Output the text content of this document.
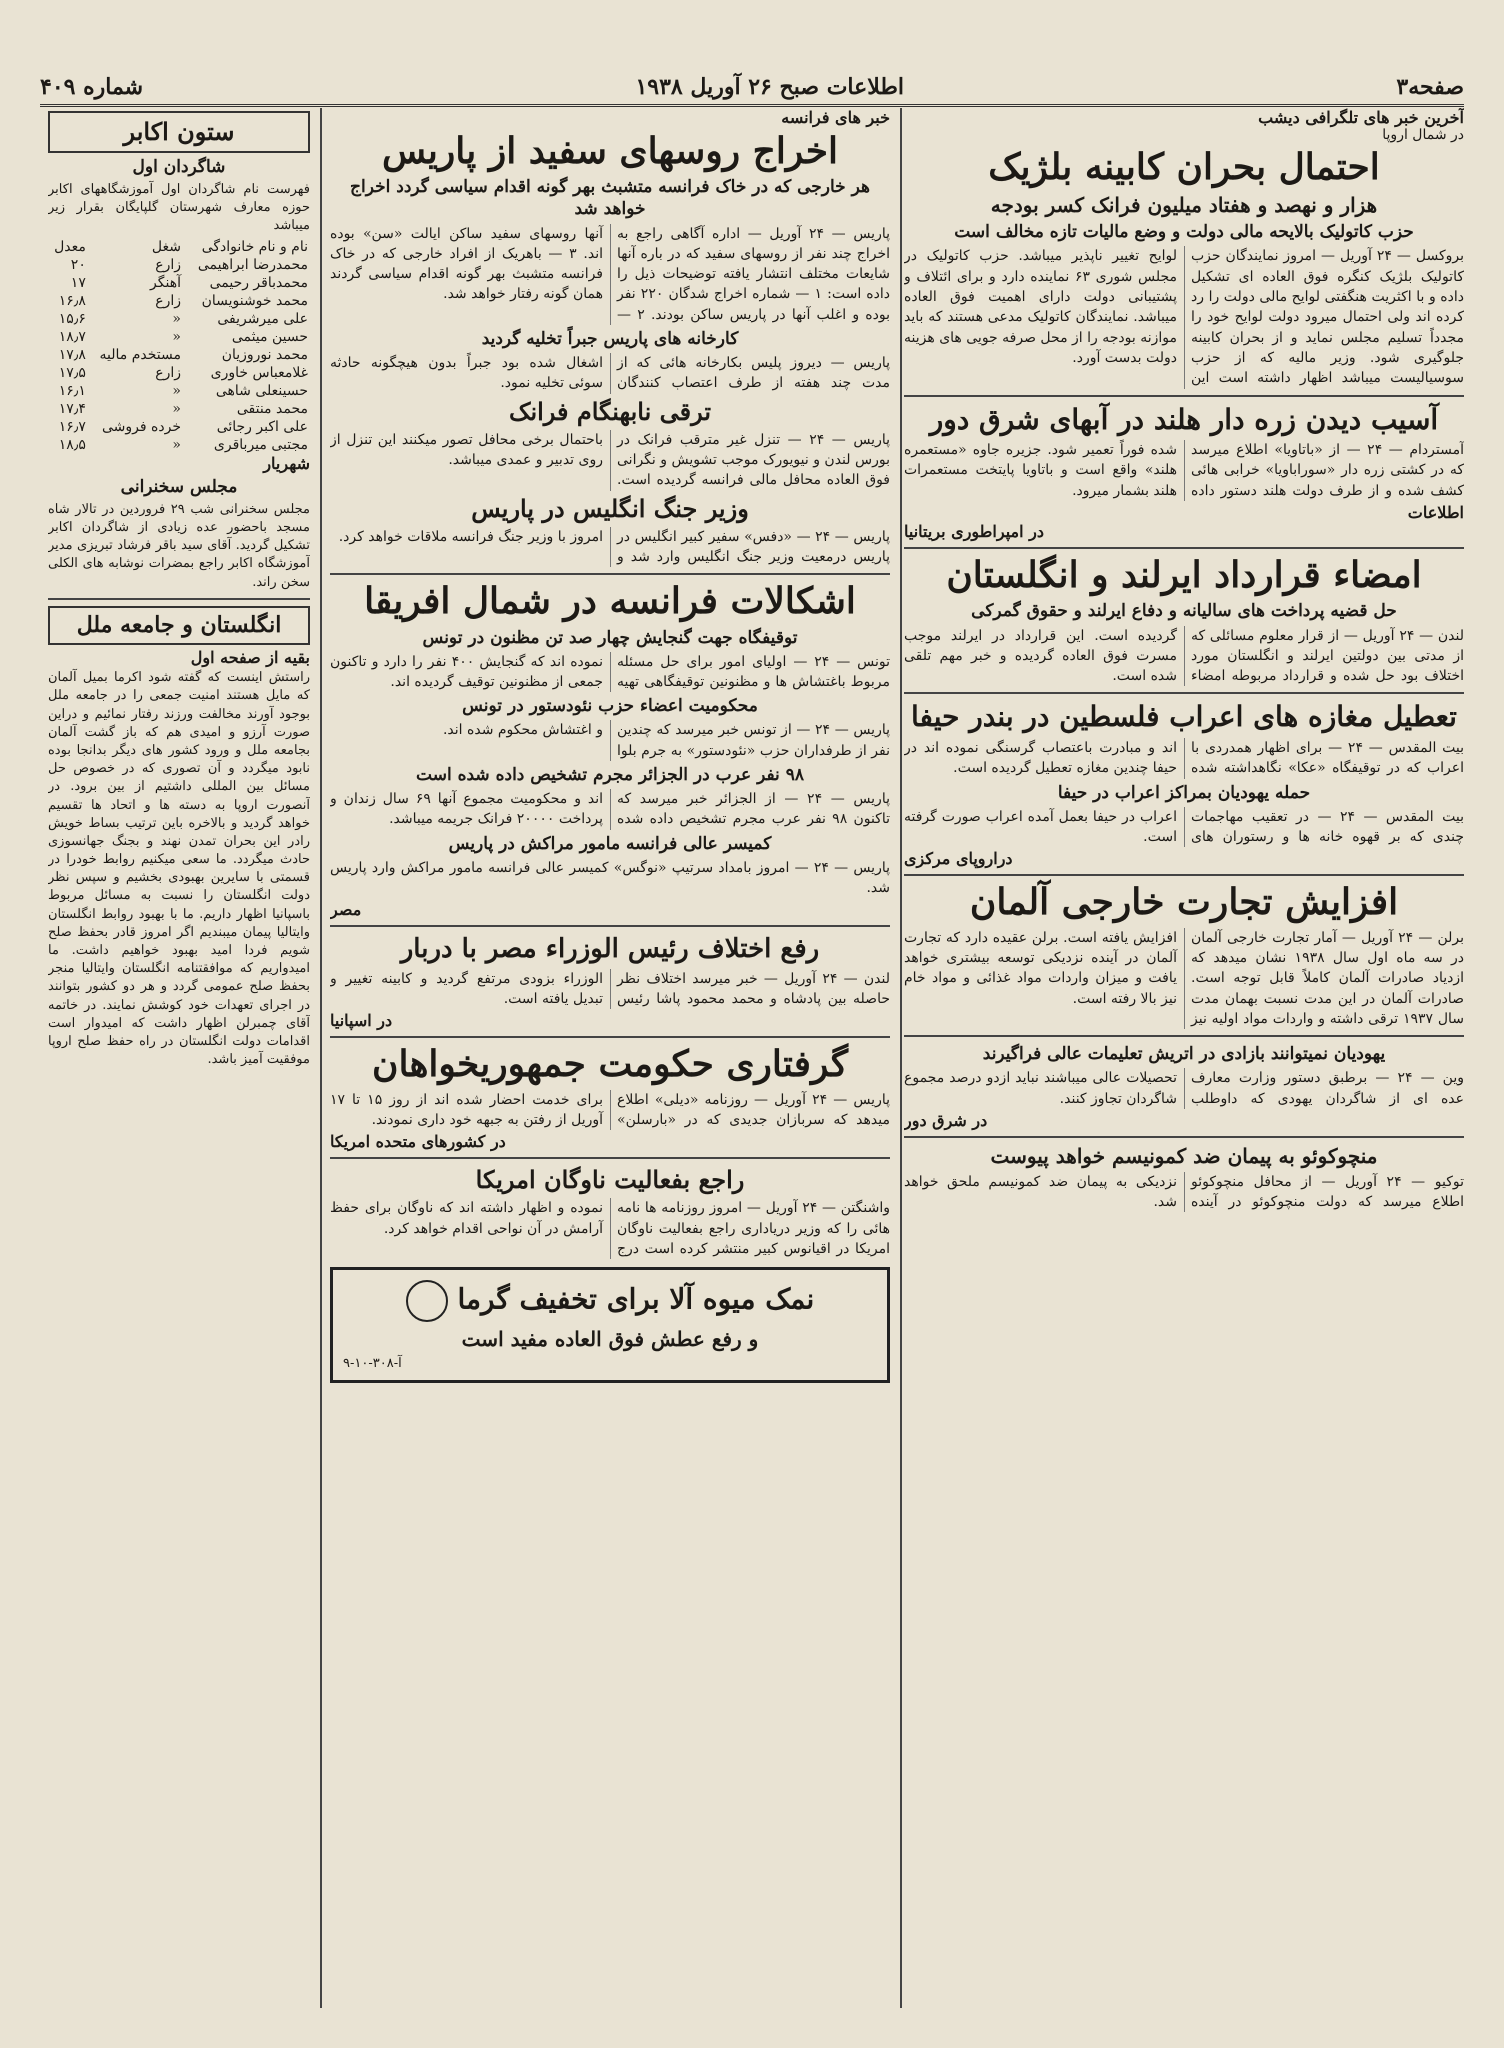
صفحه۳
اطلاعات صبح ۲۶ آوریل ۱۹۳۸
شماره ۴۰۹
آخرین خبر های تلگرافی دیشب
در شمال اروپا
احتمال بحران کابینه بلژیک
هزار و نهصد و هفتاد میلیون فرانک کسر بودجه
حزب کاتولیک بالایحه مالی دولت و وضع مالیات تازه مخالف است
بروکسل — ۲۴ آوریل — امروز نمایندگان حزب کاتولیک بلژیک کنگره فوق العاده ای تشکیل داده و با اکثریت هنگفتی لوایح مالی دولت را رد کرده اند ولی احتمال میرود دولت لوایح خود را مجدداً تسلیم مجلس نماید و از بحران کابینه جلوگیری شود. وزیر مالیه که از حزب سوسیالیست میباشد اظهار داشته است این لوایح تغییر ناپذیر میباشد. حزب کاتولیک در مجلس شوری ۶۳ نماینده دارد و برای ائتلاف و پشتیبانی دولت دارای اهمیت فوق العاده میباشد. نمایندگان کاتولیک مدعی هستند که باید موازنه بودجه را از محل صرفه جویی های هزینه دولت بدست آورد.
آسیب دیدن زره دار هلند در آبهای شرق دور
آمستردام — ۲۴ — از «باتاویا» اطلاع میرسد که در کشتی زره دار «سوراباویا» خرابی هائی کشف شده و از طرف دولت هلند دستور داده شده فوراً تعمیر شود. جزیره جاوه «مستعمره هلند» واقع است و باتاویا پایتخت مستعمرات هلند بشمار میرود.
اطلاعات
در امپراطوری بریتانیا
امضاء قرارداد ایرلند و انگلستان
حل قضیه پرداخت های سالیانه و دفاع ایرلند و حقوق گمرکی
لندن — ۲۴ آوریل — از قرار معلوم مسائلی که از مدتی بین دولتین ایرلند و انگلستان مورد اختلاف بود حل شده و قرارداد مربوطه امضاء گردیده است. این قرارداد در ایرلند موجب مسرت فوق العاده گردیده و خبر مهم تلقی شده است.
تعطیل مغازه های اعراب فلسطین در بندر حیفا
بیت المقدس — ۲۴ — برای اظهار همدردی با اعراب که در توقیفگاه «عکا» نگاهداشته شده اند و مبادرت باعتصاب گرسنگی نموده اند در حیفا چندین مغازه تعطیل گردیده است.
حمله یهودیان بمراکز اعراب در حیفا
بیت المقدس — ۲۴ — در تعقیب مهاجمات چندی که بر قهوه خانه ها و رستوران های اعراب در حیفا بعمل آمده اعراب صورت گرفته است.
دراروپای مرکزی
افزایش تجارت خارجی آلمان
برلن — ۲۴ آوریل — آمار تجارت خارجی آلمان در سه ماه اول سال ۱۹۳۸ نشان میدهد که ازدیاد صادرات آلمان کاملاً قابل توجه است. صادرات آلمان در این مدت نسبت بهمان مدت سال ۱۹۳۷ ترقی داشته و واردات مواد اولیه نیز افزایش یافته است. برلن عقیده دارد که تجارت آلمان در آینده نزدیکی توسعه بیشتری خواهد یافت و میزان واردات مواد غذائی و مواد خام نیز بالا رفته است.
یهودیان نمیتوانند بازادی در اتریش تعلیمات عالی فراگیرند
وین — ۲۴ — برطبق دستور وزارت معارف عده ای از شاگردان یهودی که داوطلب تحصیلات عالی میباشند نباید ازدو درصد مجموع شاگردان تجاوز کنند.
در شرق دور
منچوکوئو به پیمان ضد کمونیسم خواهد پیوست
توکیو — ۲۴ آوریل — از محافل منچوکوئو اطلاع میرسد که دولت منچوکوئو در آینده نزدیکی به پیمان ضد کمونیسم ملحق خواهد شد.
خبر های فرانسه
اخراج روسهای سفید از پاریس
هر خارجی که در خاک فرانسه متشبث بهر گونه اقدام سیاسی گردد اخراج خواهد شد
پاریس — ۲۴ آوریل — اداره آگاهی راجع به اخراج چند نفر از روسهای سفید که در باره آنها شایعات مختلف انتشار یافته توضیحات ذیل را داده است: ۱ — شماره اخراج شدگان ۲۲۰ نفر بوده و اغلب آنها در پاریس ساکن بودند. ۲ — آنها روسهای سفید ساکن ایالت «سن» بوده اند. ۳ — باهریک از افراد خارجی که در خاک فرانسه متشبث بهر گونه اقدام سیاسی گردند همان گونه رفتار خواهد شد.
کارخانه های پاریس جبراً تخلیه گردید
پاریس — دیروز پلیس بکارخانه هائی که از مدت چند هفته از طرف اعتصاب کنندگان اشغال شده بود جبراً بدون هیچگونه حادثه سوئی تخلیه نمود.
ترقی نابهنگام فرانک
پاریس — ۲۴ — تنزل غیر مترقب فرانک در بورس لندن و نیویورک موجب تشویش و نگرانی فوق العاده محافل مالی فرانسه گردیده است. باحتمال برخی محافل تصور میکنند این تنزل از روی تدبیر و عمدی میباشد.
وزیر جنگ انگلیس در پاریس
پاریس — ۲۴ — «دفس» سفیر کبیر انگلیس در پاریس درمعیت وزیر جنگ انگلیس وارد شد و امروز با وزیر جنگ فرانسه ملاقات خواهد کرد.
اشکالات فرانسه در شمال افریقا
توقیفگاه جهت گنجایش چهار صد تن مظنون در تونس
تونس — ۲۴ — اولیای امور برای حل مسئله مربوط باغتشاش ها و مظنونین توقیفگاهی تهیه نموده اند که گنجایش ۴۰۰ نفر را دارد و تاکنون جمعی از مظنونین توقیف گردیده اند.
محکومیت اعضاء حزب نئودستور در تونس
پاریس — ۲۴ — از تونس خبر میرسد که چندین نفر از طرفداران حزب «نئودستور» به جرم بلوا و اغتشاش محکوم شده اند.
۹۸ نفر عرب در الجزائر مجرم تشخیص داده شده است
پاریس — ۲۴ — از الجزائر خبر میرسد که تاکنون ۹۸ نفر عرب مجرم تشخیص داده شده اند و محکومیت مجموع آنها ۶۹ سال زندان و پرداخت ۲۰۰۰۰ فرانک جریمه میباشد.
کمیسر عالی فرانسه مامور مراکش در پاریس
پاریس — ۲۴ — امروز بامداد سرتیپ «نوگس» کمیسر عالی فرانسه مامور مراکش وارد پاریس شد.
مصر
رفع اختلاف رئیس الوزراء مصر با دربار
لندن — ۲۴ آوریل — خبر میرسد اختلاف نظر حاصله بین پادشاه و محمد محمود پاشا رئیس الوزراء بزودی مرتفع گردید و کابینه تغییر و تبدیل یافته است.
در اسپانیا
گرفتاری حکومت جمهوریخواهان
پاریس — ۲۴ آوریل — روزنامه «دیلی» اطلاع میدهد که سربازان جدیدی که در «بارسلن» برای خدمت احضار شده اند از روز ۱۵ تا ۱۷ آوریل از رفتن به جبهه خود داری نمودند.
در کشورهای متحده امریکا
راجع بفعالیت ناوگان امریکا
واشنگتن — ۲۴ آوریل — امروز روزنامه ها نامه هائی را که وزیر دریاداری راجع بفعالیت ناوگان امریکا در اقیانوس کبیر منتشر کرده است درج نموده و اظهار داشته اند که ناوگان برای حفظ آرامش در آن نواحی اقدام خواهد کرد.
نمک میوه آلا برای تخفیف گرما
و رفع عطش فوق العاده مفید است
آ-۳۰۸-۱۰-۹
ستون اکابر
شاگردان اول
فهرست نام شاگردان اول آموزشگاههای اکابر حوزه معارف شهرستان گلپایگان بقرار زیر میباشد
نام و نام خانوادگی	شغل	معدل
محمدرضا ابراهیمی	زارع	۲۰
محمدباقر رحیمی	آهنگر	۱۷
محمد خوشنویسان	زارع	۱۶٫۸
علی میرشریفی	«	۱۵٫۶
حسین میثمی	«	۱۸٫۷
محمد نوروزیان	مستخدم مالیه	۱۷٫۸
غلامعباس خاوری	زارع	۱۷٫۵
حسینعلی شاهی	«	۱۶٫۱
محمد منتقی	«	۱۷٫۴
علی اکبر رجائی	خرده فروشی	۱۶٫۷
مجتبی میرباقری	«	۱۸٫۵
شهریار
مجلس سخنرانی
مجلس سخنرانی شب ۲۹ فروردین در تالار شاه مسجد باحضور عده زیادی از شاگردان اکابر تشکیل گردید. آقای سید باقر فرشاد تبریزی مدیر آموزشگاه اکابر راجع بمضرات نوشابه های الکلی سخن راند.
انگلستان و جامعه ملل
بقیه از صفحه اول
راستش اینست که گفته شود اکرما بمیل آلمان که مایل هستند امنیت جمعی را در جامعه ملل بوجود آورند مخالفت ورزند رفتار نمائیم و دراین صورت آرزو و امیدی هم که باز گشت آلمان بجامعه ملل و ورود کشور های دیگر بدانجا بوده نابود میگردد و آن تصوری که در خصوص حل مسائل بین المللی داشتیم از بین برود. در آنصورت اروپا به دسته ها و اتحاد ها تقسیم خواهد گردید و بالاخره باین ترتیب بساط خویش رادر این بحران تمدن نهند و بجنگ جهانسوزی حادث میگردد. ما سعی میکنیم روابط خودرا در قسمتی با سایرین بهبودی بخشیم و سپس نظر دولت انگلستان را نسبت به مسائل مربوط باسپانیا اظهار داریم. ما با بهبود روابط انگلستان وایتالیا پیمان میبندیم اگر امروز قادر بحفظ صلح شویم فردا امید بهبود خواهیم داشت. ما امیدواریم که موافقتنامه انگلستان وایتالیا منجر بحفظ صلح عمومی گردد و هر دو کشور بتوانند در اجرای تعهدات خود کوشش نمایند. در خاتمه آقای چمبرلن اظهار داشت که امیدوار است اقدامات دولت انگلستان در راه حفظ صلح اروپا موفقیت آمیز باشد.
